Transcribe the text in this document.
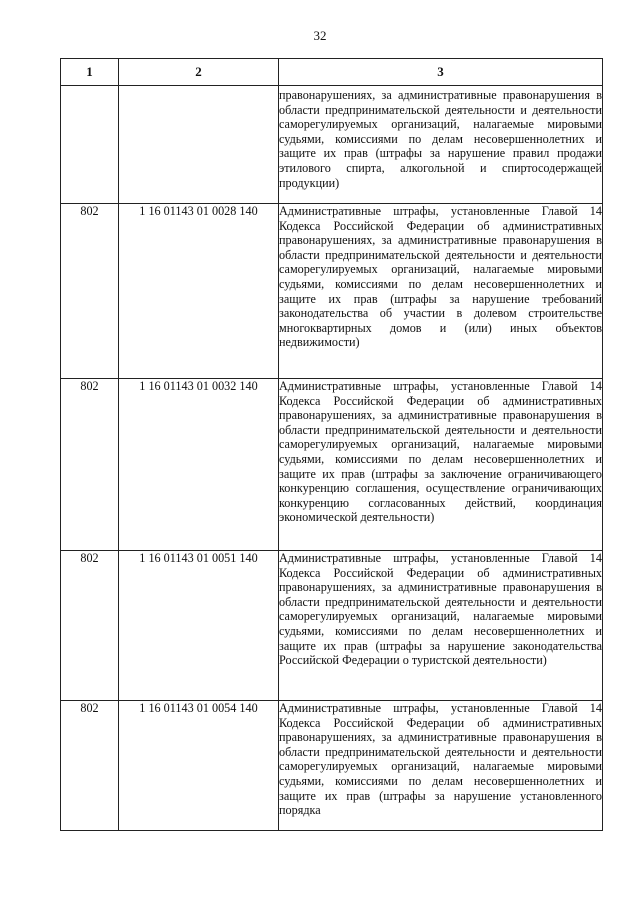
32
1	2	3

		правонарушениях, за административные правонарушения в области предпринимательской деятельности и деятельности саморегулируемых организаций, налагаемые мировыми судьями, комиссиями по делам несовершеннолетних и защите их прав (штрафы за нарушение правил продажи этилового спирта, алкогольной и спиртосодержащей продукции)

802	1 16 01143 01 0028 140	Административные штрафы, установленные Главой 14 Кодекса Российской Федерации об административных правонарушениях, за административные правонарушения в области предпринимательской деятельности и деятельности саморегулируемых организаций, налагаемые мировыми судьями, комиссиями по делам несовершеннолетних и защите их прав (штрафы за нарушение требований законодательства об участии в долевом строительстве многоквартирных домов и (или) иных объектов недвижимости)

802	1 16 01143 01 0032 140	Административные штрафы, установленные Главой 14 Кодекса Российской Федерации об административных правонарушениях, за административные правонарушения в области предпринимательской деятельности и деятельности саморегулируемых организаций, налагаемые мировыми судьями, комиссиями по делам несовершеннолетних и защите их прав (штрафы за заключение ограничивающего конкуренцию соглашения, осуществление ограничивающих конкуренцию согласованных действий, координация экономической деятельности)

802	1 16 01143 01 0051 140	Административные штрафы, установленные Главой 14 Кодекса Российской Федерации об административных правонарушениях, за административные правонарушения в области предпринимательской деятельности и деятельности саморегулируемых организаций, налагаемые мировыми судьями, комиссиями по делам несовершеннолетних и защите их прав (штрафы за нарушение законодательства Российской Федерации о туристской деятельности)

802	1 16 01143 01 0054 140	Административные штрафы, установленные Главой 14 Кодекса Российской Федерации об административных правонарушениях, за административные правонарушения в области предпринимательской деятельности и деятельности саморегулируемых организаций, налагаемые мировыми судьями, комиссиями по делам несовершеннолетних и защите их прав (штрафы за нарушение установленного порядка
